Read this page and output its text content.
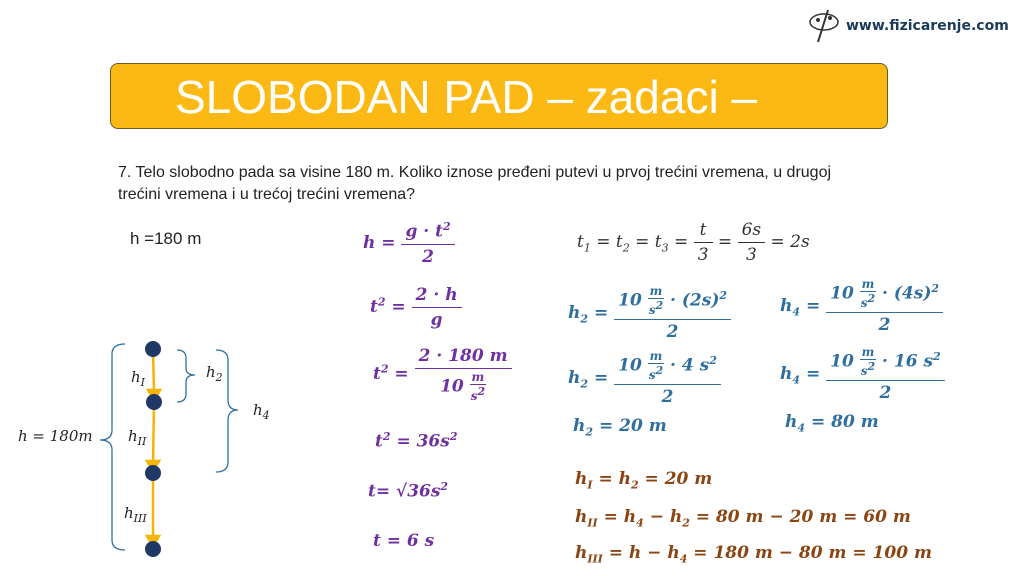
www.fizicarenje.com
SLOBODAN PAD – zadaci –
7. Telo slobodno pada sa visine 180 m. Koliko iznose pređeni putevi u prvoj trećini vremena, u drugoj trećini vremena i u trećoj trećini vremena?
h =180 m
h = 180m
$h_I$
$h_{II}$
$h_{III}$
$h_2$
$h_4$
$h = \frac{g \cdot t^2}{2}$
$t^2 = \frac{2 \cdot h}{g}$
$t^2 = \frac{2 \cdot 180 m}{10 \frac{m}{s^2}}$
$t^2 = 36s^2$
$t= √36s^2$
t = 6 s
$t_1 = t_2 = t_3 = \frac{t}{3} = \frac{6s}{3} = 2s$
$h_2 = \frac{10 \frac{m}{s^2} \cdot (2s)^2}{2}$
$h_2 = \frac{10 \frac{m}{s^2} \cdot 4 s^2}{2}$
$h_2 = 20$ m
$h_4 = \frac{10 \frac{m}{s^2} \cdot (4s)^2}{2}$
$h_4 = \frac{10 \frac{m}{s^2} \cdot 16 s^2}{2}$
$h_4 = 80$ m
$h_I = h_2 = 20$ m
$h_{II} = h_4 - h_2 = 80$ m − 20 m = 60 m
$h_{III} = h - h_4 = 180$ m − 80 m = 100 m
